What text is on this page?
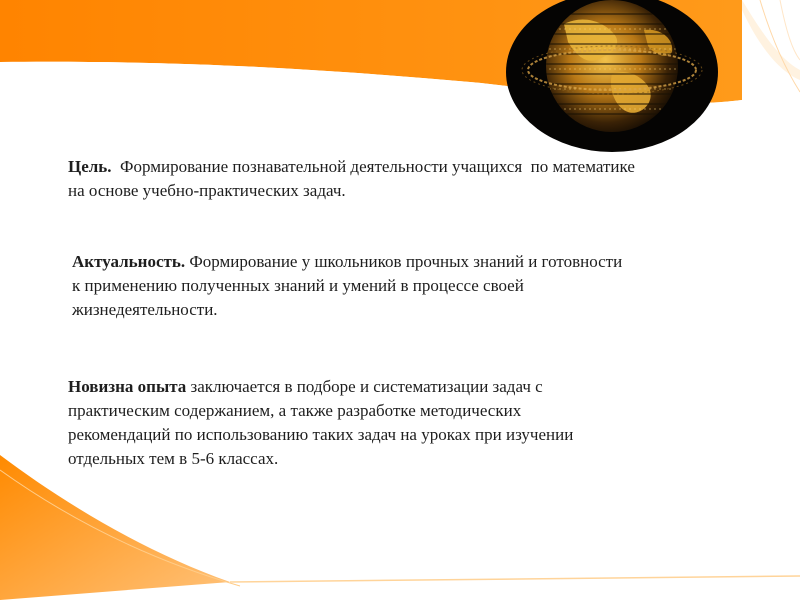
Цель.  Формирование познавательной деятельности учащихся  по математике
на основе учебно-практических задач.
Актуальность. Формирование у школьников прочных знаний и готовности
к применению полученных знаний и умений в процессе своей
жизнедеятельности.
Новизна опыта заключается в подборе и систематизации задач с
практическим содержанием, а также разработке методических
рекомендаций по использованию таких задач на уроках при изучении
отдельных тем в 5-6 классах.
